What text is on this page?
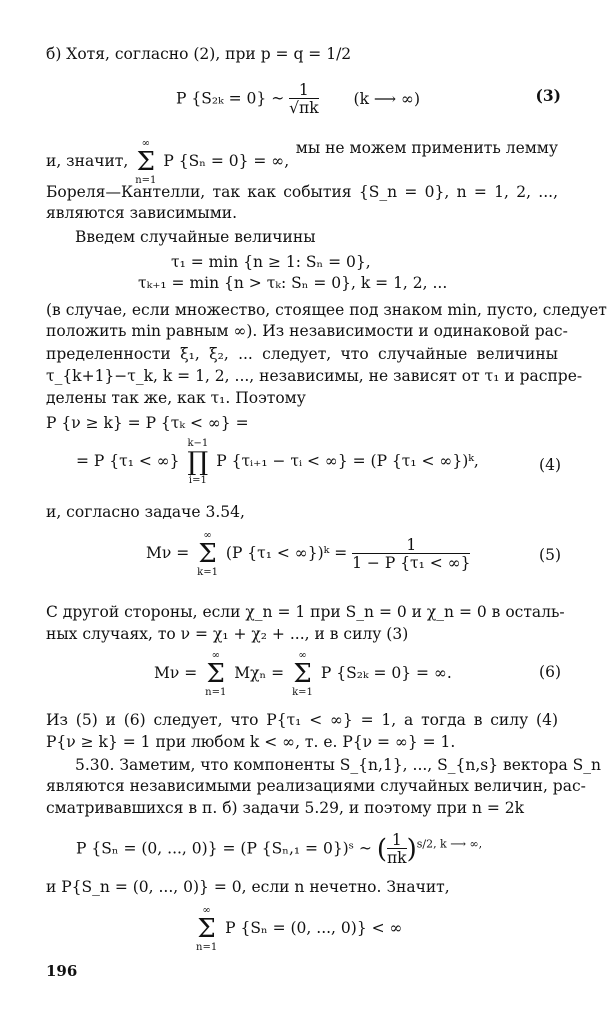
б) Хотя, согласно (2), при p = q = 1/2
P {S₂ₖ = 0} ~ $\frac{1}{√\pi k} (k$ ⟶ ∞)	(3)
и, значит,
∞
Σ
n=1
P {Sₙ = 0} = ∞,
мы не можем применить лемму
Бореля—Кантелли, так как события {S_n = 0}, n = 1, 2, ...,
являются зависимыми.
Введем случайные величины
τ₁ = min {n ≥ 1: Sₙ = 0},
τₖ₊₁ = min {n > τₖ: Sₙ = 0}, k = 1, 2, ...
(в случае, если множество, стоящее под знаком min, пусто, следует
положить min равным ∞). Из независимости и одинаковой рас-
пределенности ξ₁, ξ₂, ... следует, что случайные величины
τ_{k+1}−τ_k, k = 1, 2, ..., независимы, не зависят от τ₁ и распре-
делены так же, как τ₁. Поэтому
P {ν ≥ k} = P {τₖ < ∞} =
= P {τ₁ < ∞}
k−1
∏
i=1
P {τᵢ₊₁ − τᵢ < ∞} = (P {τ₁ < ∞})ᵏ,	(4)
и, согласно задаче 3.54,
Mν =
∞
Σ
k=1
(P {τ₁ < ∞})ᵏ = $\frac{1}{\text{1 − P \{τ₁ < ∞\}}}$	(5)
С другой стороны, если χ_n = 1 при S_n = 0 и χ_n = 0 в осталь-
ных случаях, то ν = χ₁ + χ₂ + ..., и в силу (3)
Mν =
∞
Σ
n=1
Mχₙ =
∞
Σ
k=1
P {S₂ₖ = 0} = ∞.	(6)
Из (5) и (6) следует, что P{τ₁ < ∞} = 1, а тогда в силу (4)
P{ν ≥ k} = 1 при любом k < ∞, т. е. P{ν = ∞} = 1.
5.30. Заметим, что компоненты S_{n,1}, ..., S_{n,s} вектора S_n
являются независимыми реализациями случайных величин, рас-
сматривавшихся в п. б) задачи 5.29, и поэтому при n = 2k
P {Sₙ = (0, ..., 0)} = (P {Sₙ,₁ = 0})ˢ ~ ( $\frac{1}{\pi k} )^{s/2, k ⟶ \infty,}$
и P{S_n = (0, ..., 0)} = 0, если n нечетно. Значит,
∞
Σ
n=1
P {Sₙ = (0, ..., 0)} < ∞
196
